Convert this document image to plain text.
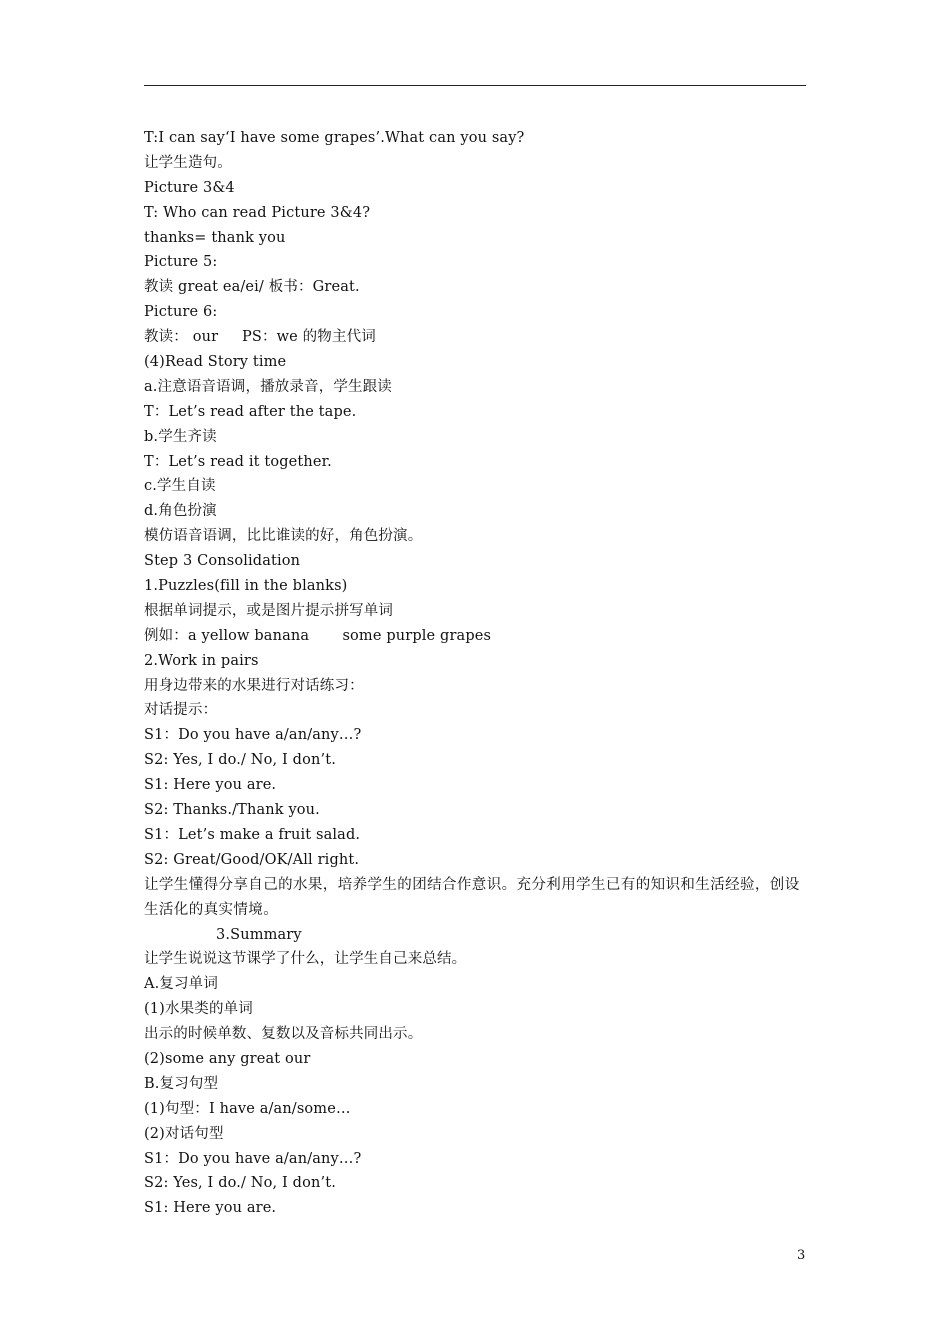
T:I can say‘I have some grapes’.What can you say?
让学生造句。
Picture 3&4
T: Who can read Picture 3&4?
thanks= thank you
Picture 5:
教读 great ea/ei/ 板书：Great.
Picture 6:
教读： our     PS：we 的物主代词
(4)Read Story time
a.注意语音语调，播放录音，学生跟读
T：Let’s read after the tape.
b.学生齐读
T：Let’s read it together.
c.学生自读
d.角色扮演
模仿语音语调，比比谁读的好，角色扮演。
Step 3 Consolidation
1.Puzzles(fill in the blanks)
根据单词提示，或是图片提示拼写单词
例如：a yellow banana       some purple grapes
2.Work in pairs
用身边带来的水果进行对话练习：
对话提示：
S1：Do you have a/an/any…?
S2: Yes, I do./ No, I don’t.
S1: Here you are.
S2: Thanks./Thank you.
S1：Let’s make a fruit salad.
S2: Great/Good/OK/All right.
让学生懂得分享自己的水果，培养学生的团结合作意识。充分利用学生已有的知识和生活经验，创设生活化的真实情境。
3.Summary
让学生说说这节课学了什么，让学生自己来总结。
A.复习单词
(1)水果类的单词
出示的时候单数、复数以及音标共同出示。
(2)some any great our
B.复习句型
(1)句型：I have a/an/some…
(2)对话句型
S1：Do you have a/an/any…?
S2: Yes, I do./ No, I don’t.
S1: Here you are.
3
